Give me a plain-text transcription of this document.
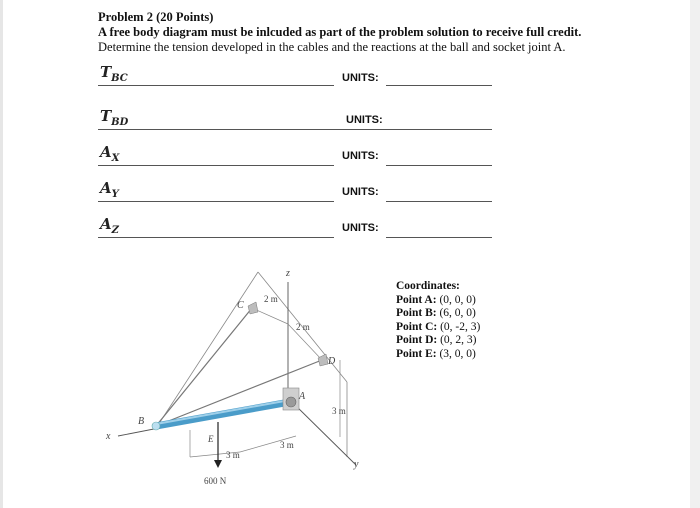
Problem 2 (20 Points)
A free body diagram must be inlcuded as part of the problem solution to receive full credit.
Determine the tension developed in the cables and the reactions at the ball and socket joint A.
$T_{BC}$	UNITS:
$T_{BD}$	UNITS:
$A_X$	UNITS:
$A_Y$	UNITS:
$A_Z$	UNITS:
Coordinates:
Point A: (0, 0, 0)
Point B: (6, 0, 0)
Point C: (0, -2, 3)
Point D: (0, 2, 3)
Point E: (3, 0, 0)
z
x
y
A
C
D
B
E
600 N
2 m
2 m
3 m
3 m
3 m
